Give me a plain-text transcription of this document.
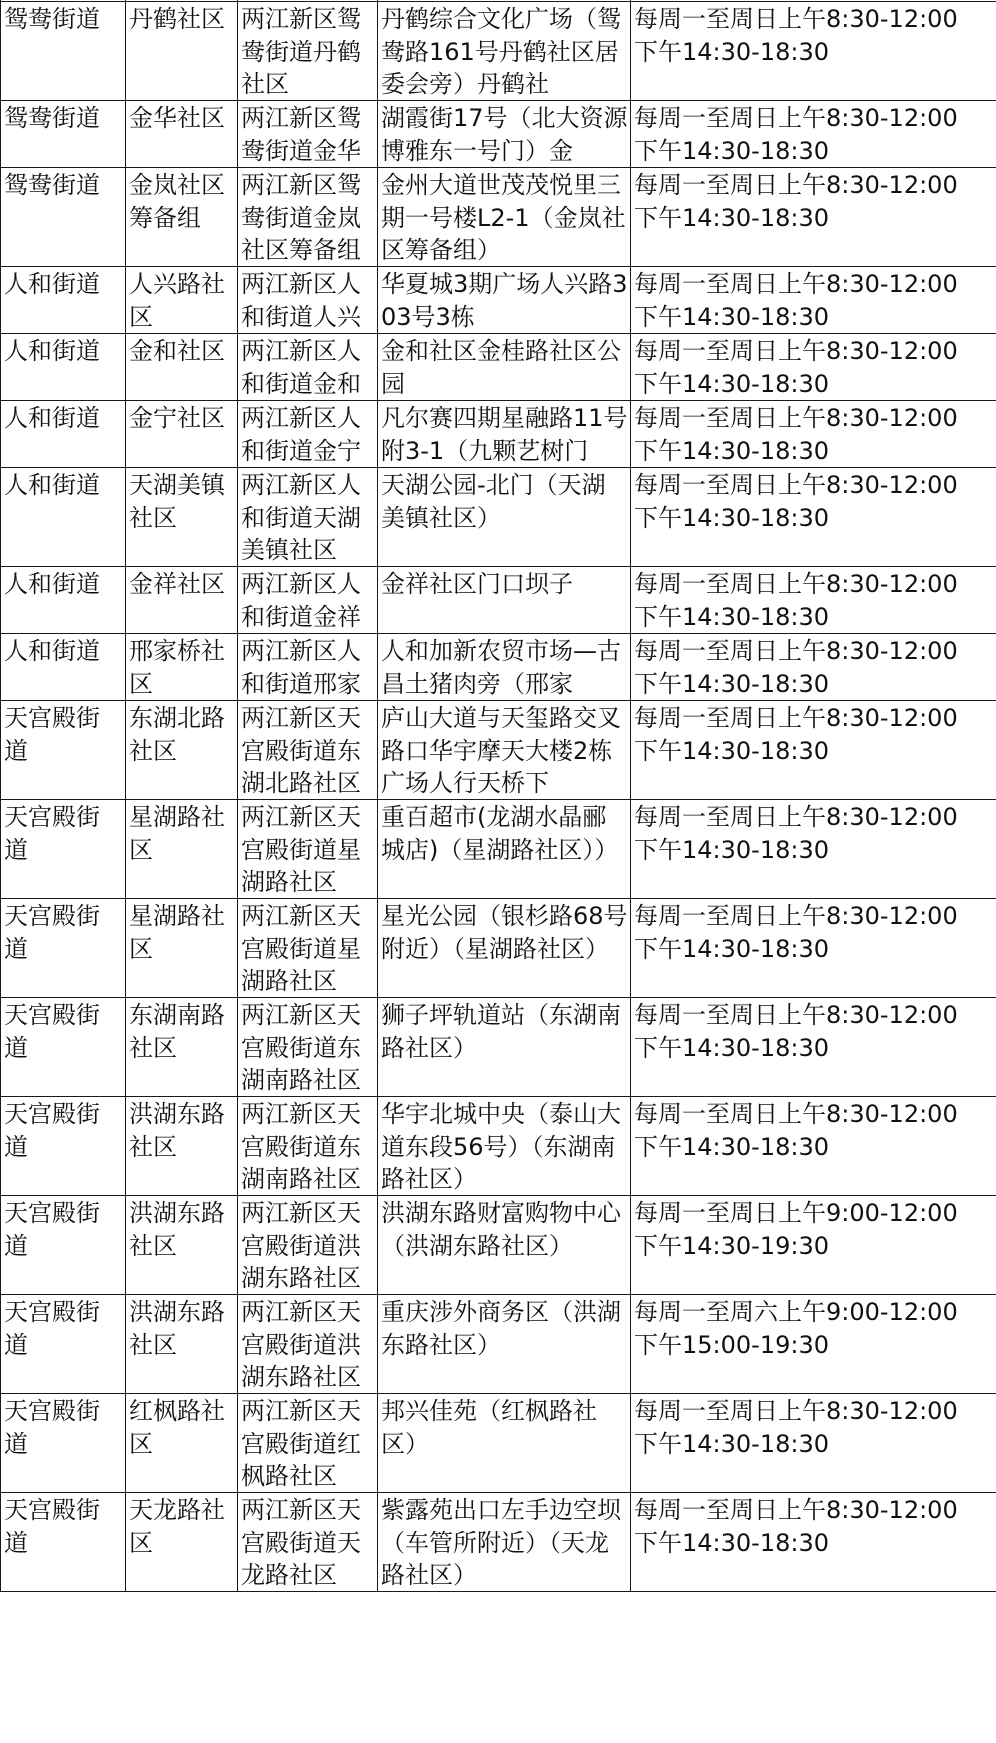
鸳鸯街道	丹鹤社区	两江新区鸳鸯街道丹鹤社区	丹鹤综合文化广场（鸳鸯路161号丹鹤社区居委会旁）丹鹤社	每周一至周日上午8:30-12:00
下午14:30-18:30

鸳鸯街道	金华社区	两江新区鸳鸯街道金华	湖霞街17号（北大资源博雅东一号门）金	每周一至周日上午8:30-12:00
下午14:30-18:30

鸳鸯街道	金岚社区筹备组	两江新区鸳鸯街道金岚社区筹备组	金州大道世茂茂悦里三期一号楼L2-1（金岚社区筹备组）	每周一至周日上午8:30-12:00
下午14:30-18:30

人和街道	人兴路社区	两江新区人和街道人兴	华夏城3期广场人兴路303号3栋	每周一至周日上午8:30-12:00
下午14:30-18:30

人和街道	金和社区	两江新区人和街道金和	金和社区金桂路社区公园	每周一至周日上午8:30-12:00
下午14:30-18:30

人和街道	金宁社区	两江新区人和街道金宁	凡尔赛四期星融路11号附3-1（九颗艺树门	每周一至周日上午8:30-12:00
下午14:30-18:30

人和街道	天湖美镇社区	两江新区人和街道天湖美镇社区	天湖公园-北门（天湖美镇社区）	每周一至周日上午8:30-12:00
下午14:30-18:30

人和街道	金祥社区	两江新区人和街道金祥	金祥社区门口坝子	每周一至周日上午8:30-12:00
下午14:30-18:30

人和街道	邢家桥社区	两江新区人和街道邢家	人和加新农贸市场—古昌土猪肉旁（邢家	每周一至周日上午8:30-12:00
下午14:30-18:30

天宫殿街道	东湖北路社区	两江新区天宫殿街道东湖北路社区	庐山大道与天玺路交叉路口华宇摩天大楼2栋广场人行天桥下	每周一至周日上午8:30-12:00
下午14:30-18:30

天宫殿街道	星湖路社区	两江新区天宫殿街道星湖路社区	重百超市(龙湖水晶郦城店)（星湖路社区））	每周一至周日上午8:30-12:00
下午14:30-18:30

天宫殿街道	星湖路社区	两江新区天宫殿街道星湖路社区	星光公园（银杉路68号附近）（星湖路社区）	每周一至周日上午8:30-12:00
下午14:30-18:30

天宫殿街道	东湖南路社区	两江新区天宫殿街道东湖南路社区	狮子坪轨道站（东湖南路社区）	每周一至周日上午8:30-12:00
下午14:30-18:30

天宫殿街道	洪湖东路社区	两江新区天宫殿街道东湖南路社区	华宇北城中央（泰山大道东段56号）（东湖南路社区）	每周一至周日上午8:30-12:00
下午14:30-18:30

天宫殿街道	洪湖东路社区	两江新区天宫殿街道洪湖东路社区	洪湖东路财富购物中心（洪湖东路社区）	每周一至周日上午9:00-12:00
下午14:30-19:30

天宫殿街道	洪湖东路社区	两江新区天宫殿街道洪湖东路社区	重庆涉外商务区（洪湖东路社区）	每周一至周六上午9:00-12:00
下午15:00-19:30

天宫殿街道	红枫路社区	两江新区天宫殿街道红枫路社区	邦兴佳苑（红枫路社区）	每周一至周日上午8:30-12:00
下午14:30-18:30

天宫殿街道	天龙路社区	两江新区天宫殿街道天龙路社区	紫露苑出口左手边空坝（车管所附近）（天龙路社区）	每周一至周日上午8:30-12:00
下午14:30-18:30
